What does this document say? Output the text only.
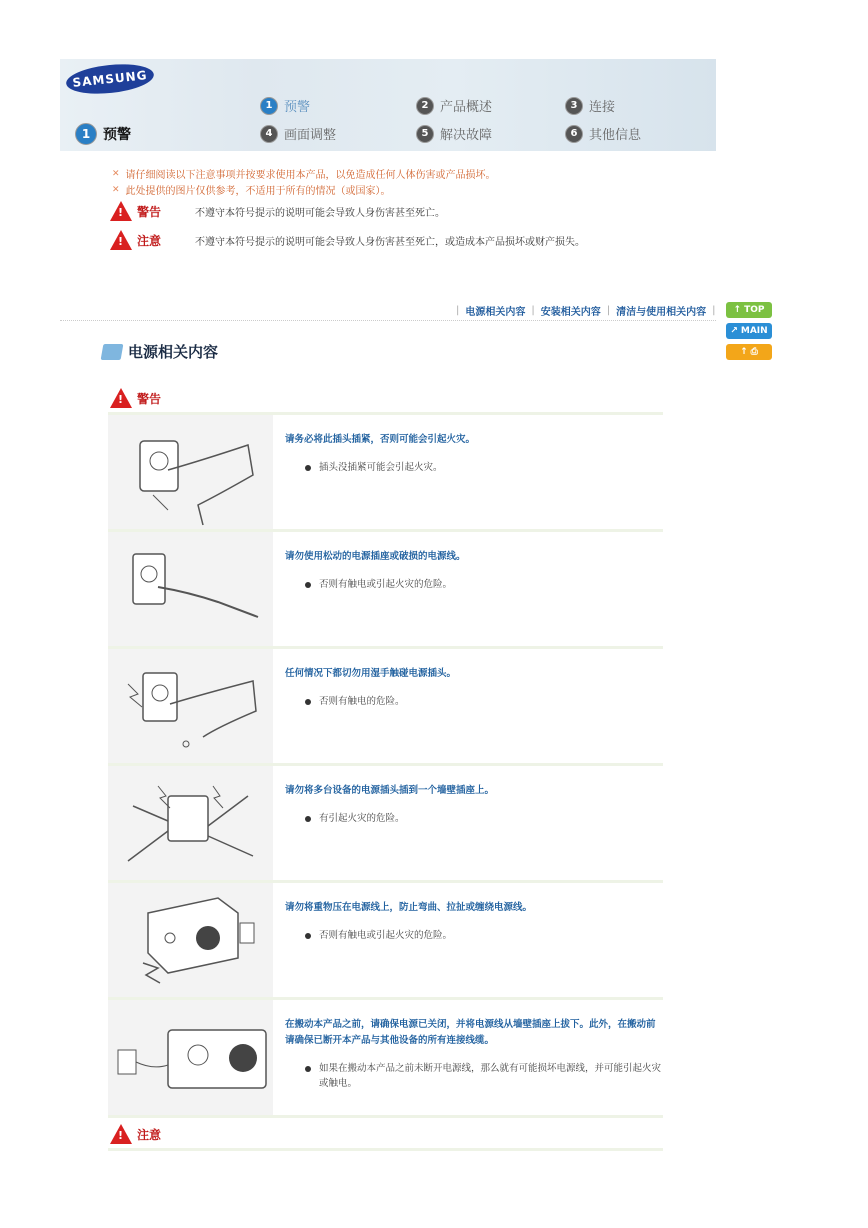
SAMSUNG
1 预警	2 产品概述	3 连接
4 画面调整	5 解决故障	6 其他信息
1 预警
✕ 请仔细阅读以下注意事项并按要求使用本产品，以免造成任何人体伤害或产品损坏。
✕ 此处提供的图片仅供参考，不适用于所有的情况（或国家）。
!
警告	不遵守本符号提示的说明可能会导致人身伤害甚至死亡。
!
注意	不遵守本符号提示的说明可能会导致人身伤害甚至死亡，或造成本产品损坏或财产损失。
| 电源相关内容 | 安装相关内容 | 清洁与使用相关内容 | ↑ TOP
↗ MAIN
↑ ⎙
电源相关内容
!
警告
请务必将此插头插紧，否则可能会引起火灾。
插头没插紧可能会引起火灾。
请勿使用松动的电源插座或破损的电源线。
否则有触电或引起火灾的危险。
任何情况下都切勿用湿手触碰电源插头。
否则有触电的危险。
请勿将多台设备的电源插头插到一个墙壁插座上。
有引起火灾的危险。
请勿将重物压在电源线上，防止弯曲、拉扯或缠绕电源线。
否则有触电或引起火灾的危险。
在搬动本产品之前，请确保电源已关闭，并将电源线从墙壁插座上拔下。此外，在搬动前请确保已断开本产品与其他设备的所有连接线缆。
如果在搬动本产品之前未断开电源线，那么就有可能损坏电源线，并可能引起火灾或触电。
!
注意
